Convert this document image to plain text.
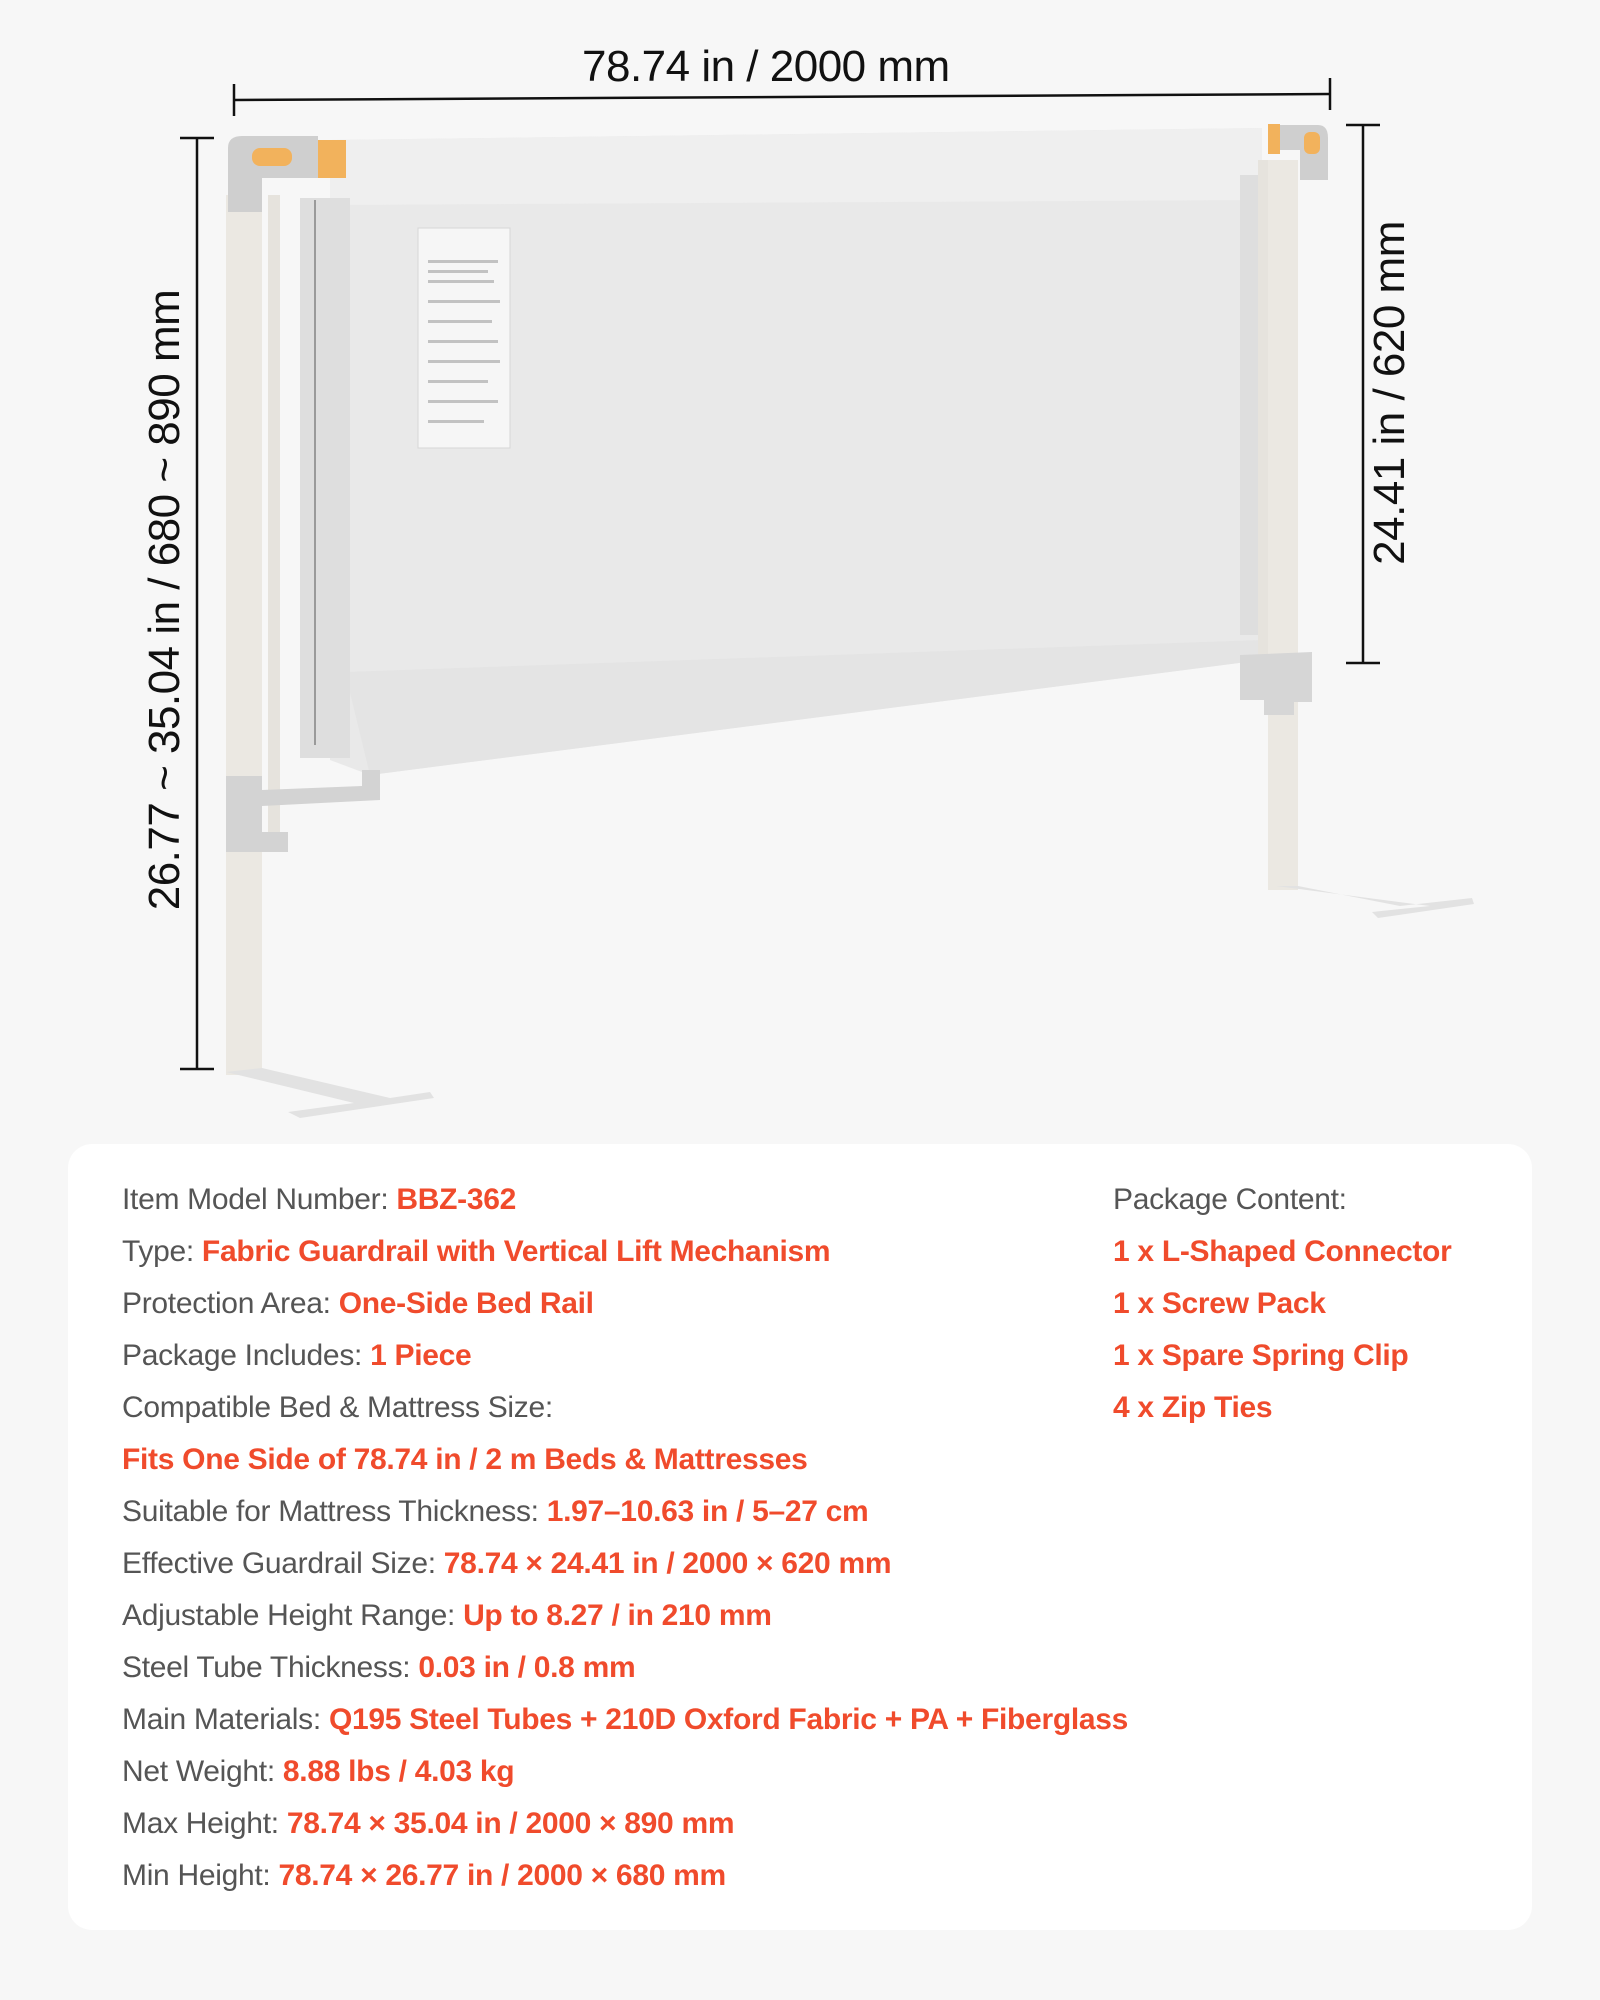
78.74 in / 2000 mm
26.77 ~ 35.04 in / 680 ~ 890 mm	24.41 in / 620 mm
Item Model Number: BBZ-362
Type: Fabric Guardrail with Vertical Lift Mechanism
Protection Area: One-Side Bed Rail
Package Includes: 1 Piece
Compatible Bed & Mattress Size:
Fits One Side of 78.74 in / 2 m Beds & Mattresses
Suitable for Mattress Thickness: 1.97–10.63 in / 5–27 cm
Effective Guardrail Size: 78.74 × 24.41 in / 2000 × 620 mm
Adjustable Height Range: Up to 8.27 / in 210 mm
Steel Tube Thickness: 0.03 in / 0.8 mm
Main Materials: Q195 Steel Tubes + 210D Oxford Fabric + PA + Fiberglass
Net Weight: 8.88 lbs / 4.03 kg
Max Height: 78.74 × 35.04 in / 2000 × 890 mm
Min Height: 78.74 × 26.77 in / 2000 × 680 mm
Package Content:
1 x L-Shaped Connector
1 x Screw Pack
1 x Spare Spring Clip
4 x Zip Ties
